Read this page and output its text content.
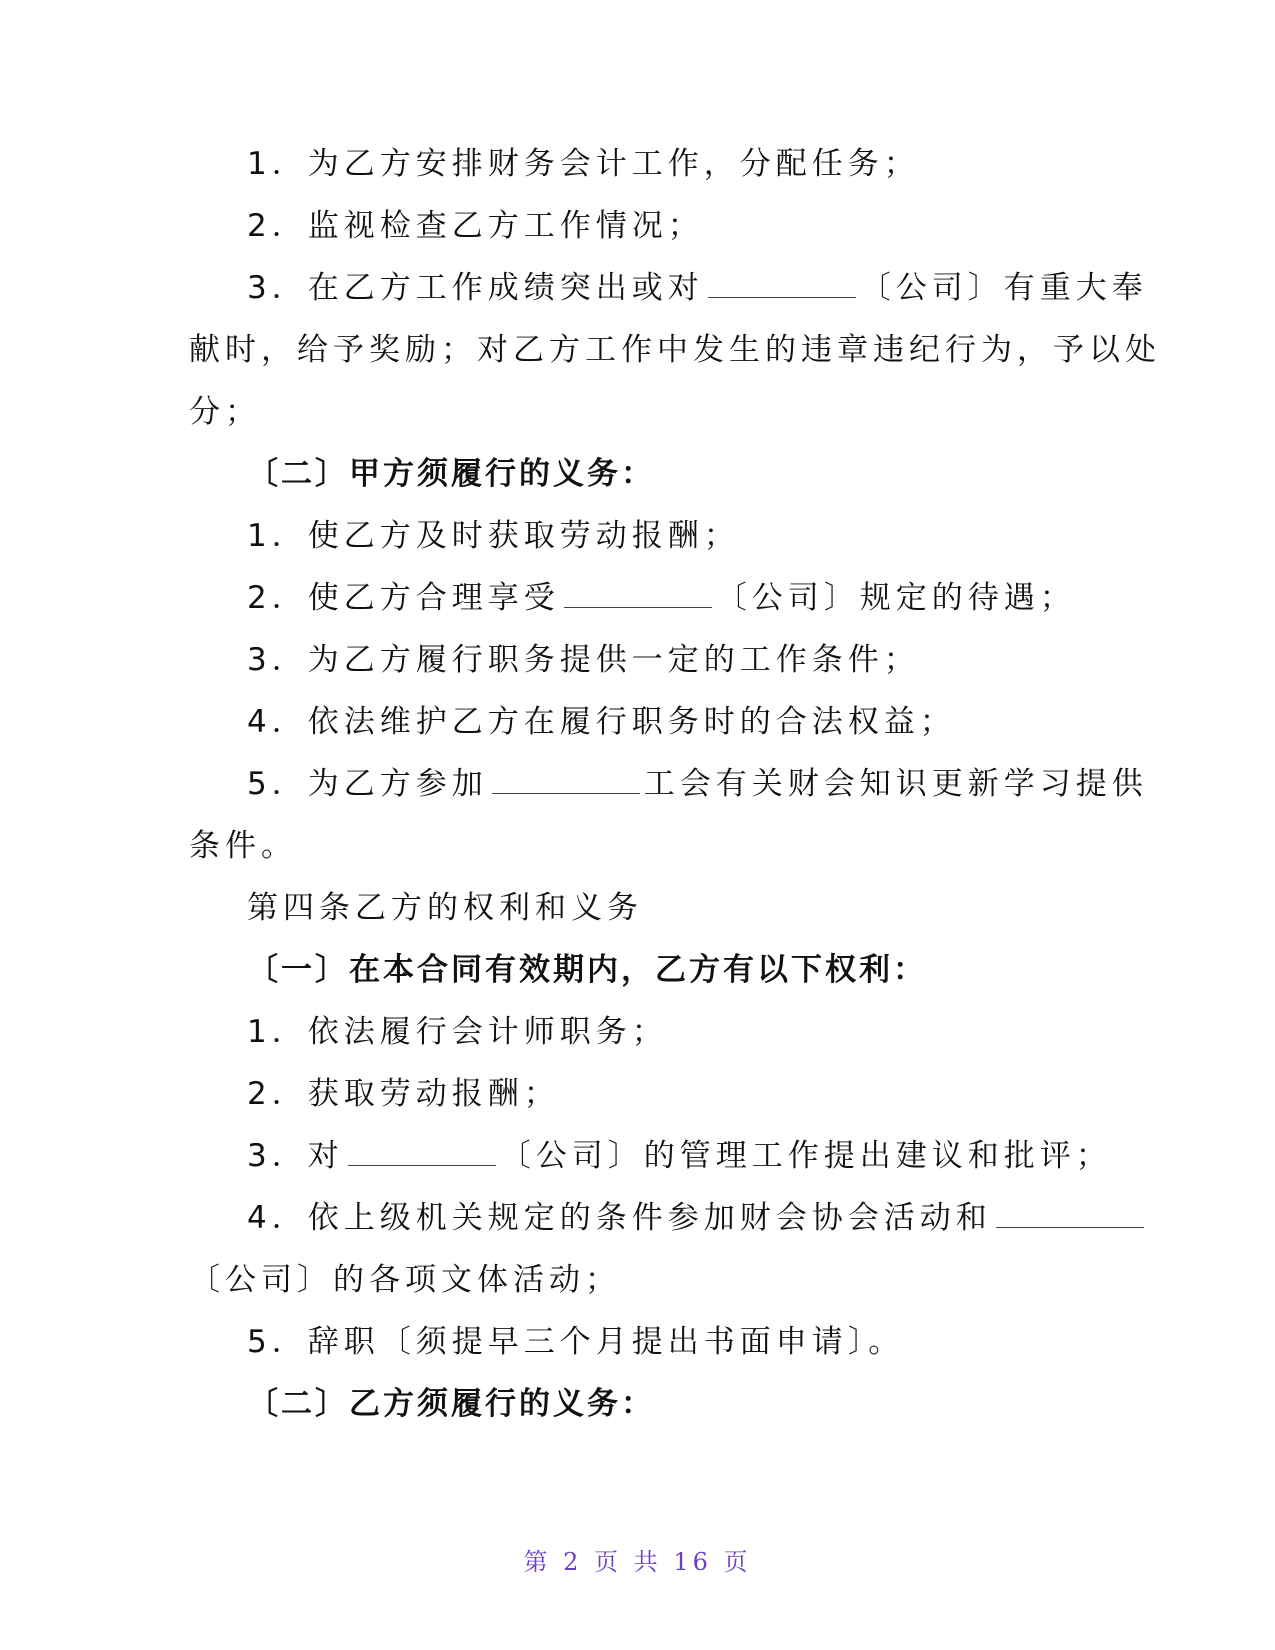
1．为乙方安排财务会计工作，分配任务；
2．监视检查乙方工作情况；
3．在乙方工作成绩突出或对	〔公司〕有重大奉
献时，给予奖励；对乙方工作中发生的违章违纪行为，予以处
分；
〔二〕甲方须履行的义务：
1．使乙方及时获取劳动报酬；
2．使乙方合理享受	〔公司〕规定的待遇；
3．为乙方履行职务提供一定的工作条件；
4．依法维护乙方在履行职务时的合法权益；
5．为乙方参加	工会有关财会知识更新学习提供
条件。
第四条乙方的权利和义务
〔一〕在本合同有效期内，乙方有以下权利：
1．依法履行会计师职务；
2．获取劳动报酬；
3．对	〔公司〕的管理工作提出建议和批评；
4．依上级机关规定的条件参加财会协会活动和
〔公司〕的各项文体活动；
5．辞职〔须提早三个月提出书面申请〕。
〔二〕乙方须履行的义务：
第 2 页 共 16 页
